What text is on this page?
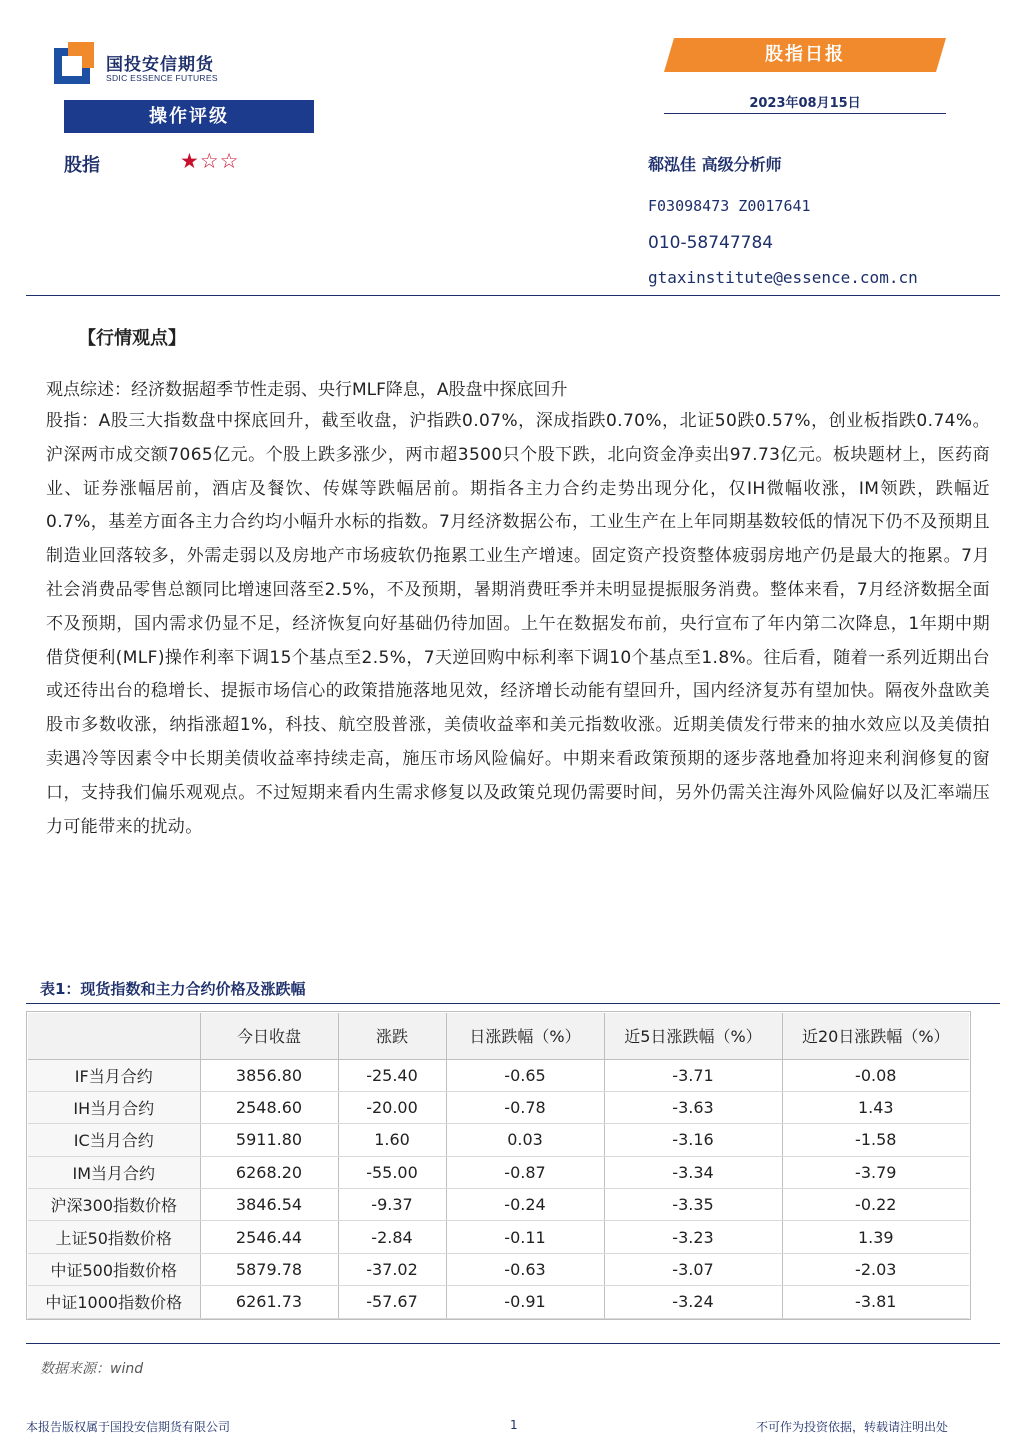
国投安信期货
SDIC ESSENCE FUTURES
股指日报
2023年08月15日
操作评级
股指	★☆☆	郗泓佳 高级分析师
F03098473 Z0017641
010-58747784
gtaxinstitute@essence.com.cn
【行情观点】
观点综述：经济数据超季节性走弱、央行MLF降息，A股盘中探底回升
股指：A股三大指数盘中探底回升，截至收盘，沪指跌0.07%，深成指跌0.70%，北证50跌0.57%，创业板指跌0.74%。沪深两市成交额7065亿元。个股上跌多涨少，两市超3500只个股下跌，北向资金净卖出97.73亿元。板块题材上，医药商业、证券涨幅居前，酒店及餐饮、传媒等跌幅居前。期指各主力合约走势出现分化，仅IH微幅收涨，IM领跌，跌幅近0.7%，基差方面各主力合约均小幅升水标的指数。7月经济数据公布，工业生产在上年同期基数较低的情况下仍不及预期且制造业回落较多，外需走弱以及房地产市场疲软仍拖累工业生产增速。固定资产投资整体疲弱房地产仍是最大的拖累。7月社会消费品零售总额同比增速回落至2.5%，不及预期，暑期消费旺季并未明显提振服务消费。整体来看，7月经济数据全面不及预期，国内需求仍显不足，经济恢复向好基础仍待加固。上午在数据发布前，央行宣布了年内第二次降息，1年期中期借贷便利(MLF)操作利率下调15个基点至2.5%，7天逆回购中标利率下调10个基点至1.8%。往后看，随着一系列近期出台或还待出台的稳增长、提振市场信心的政策措施落地见效，经济增长动能有望回升，国内经济复苏有望加快。隔夜外盘欧美股市多数收涨，纳指涨超1%，科技、航空股普涨，美债收益率和美元指数收涨。近期美债发行带来的抽水效应以及美债拍卖遇冷等因素令中长期美债收益率持续走高，施压市场风险偏好。中期来看政策预期的逐步落地叠加将迎来利润修复的窗口，支持我们偏乐观观点。不过短期来看内生需求修复以及政策兑现仍需要时间，另外仍需关注海外风险偏好以及汇率端压力可能带来的扰动。
表1：现货指数和主力合约价格及涨跌幅
	今日收盘	涨跌	日涨跌幅（%）	近5日涨跌幅（%）	近20日涨跌幅（%）
IF当月合约	3856.80	-25.40	-0.65	-3.71	-0.08
IH当月合约	2548.60	-20.00	-0.78	-3.63	1.43
IC当月合约	5911.80	1.60	0.03	-3.16	-1.58
IM当月合约	6268.20	-55.00	-0.87	-3.34	-3.79
沪深300指数价格	3846.54	-9.37	-0.24	-3.35	-0.22
上证50指数价格	2546.44	-2.84	-0.11	-3.23	1.39
中证500指数价格	5879.78	-37.02	-0.63	-3.07	-2.03
中证1000指数价格	6261.73	-57.67	-0.91	-3.24	-3.81
数据来源：wind
本报告版权属于国投安信期货有限公司	1	不可作为投资依据，转载请注明出处
